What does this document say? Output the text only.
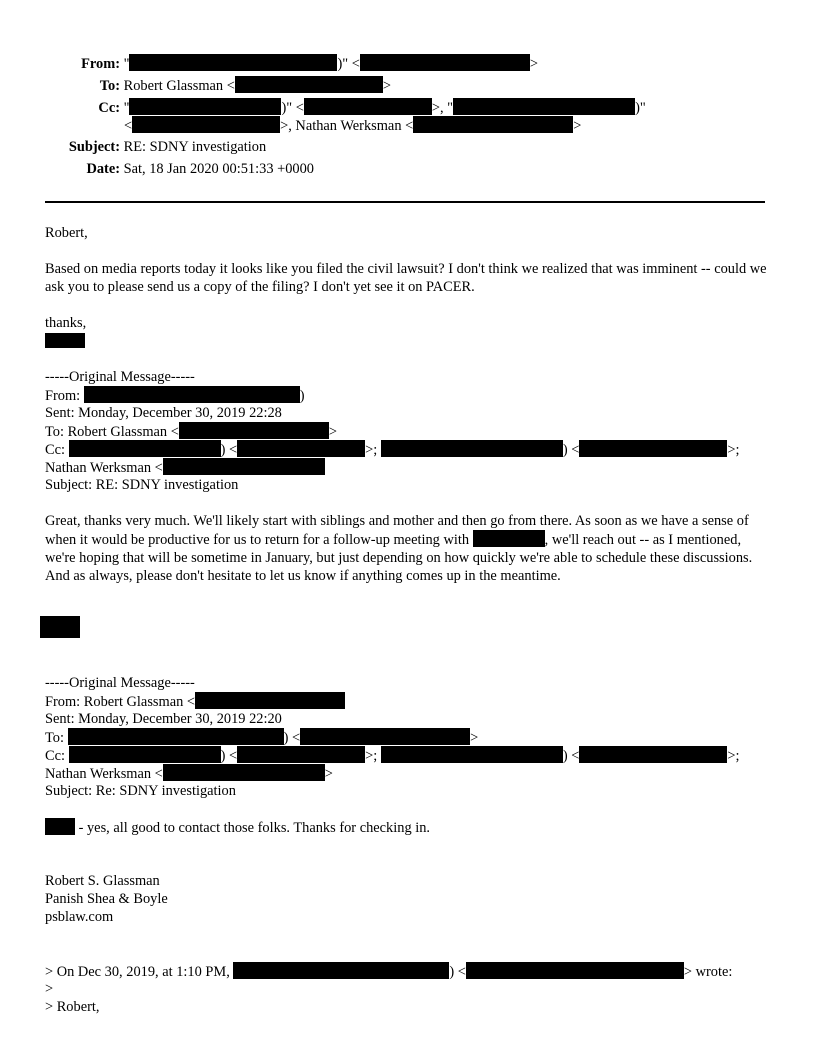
From: "	)" <	>
To: Robert Glassman <	>
Cc: "	)" <	>, "	)"
<	>, Nathan Werksman <	>
Subject: RE: SDNY investigation
Date: Sat, 18 Jan 2020 00:51:33 +0000
Robert,
Based on media reports today it looks like you filed the civil lawsuit? I don't think we realized that was imminent -- could we ask you to please send us a copy of the filing? I don't yet see it on PACER.
thanks,
-----Original Message-----
From:	)
Sent: Monday, December 30, 2019 22:28
To: Robert Glassman <	>
Cc:	) <	>;	) <	>;
Nathan Werksman <
Subject: RE: SDNY investigation
Great, thanks very much. We'll likely start with siblings and mother and then go from there. As soon as we have a sense of when it would be productive for us to return for a follow-up meeting with	, we'll reach out -- as I mentioned, we're hoping that will be sometime in January, but just depending on how quickly we're able to schedule these discussions. And as always, please don't hesitate to let us know if anything comes up in the meantime.
-----Original Message-----
From: Robert Glassman <
Sent: Monday, December 30, 2019 22:20
To:	) <	>
Cc:	) <	>;	) <	>;
Nathan Werksman <	>
Subject: Re: SDNY investigation
- yes, all good to contact those folks. Thanks for checking in.
Robert S. Glassman
Panish Shea & Boyle
psblaw.com
> On Dec 30, 2019, at 1:10 PM,	) <	> wrote:
>
> Robert,
